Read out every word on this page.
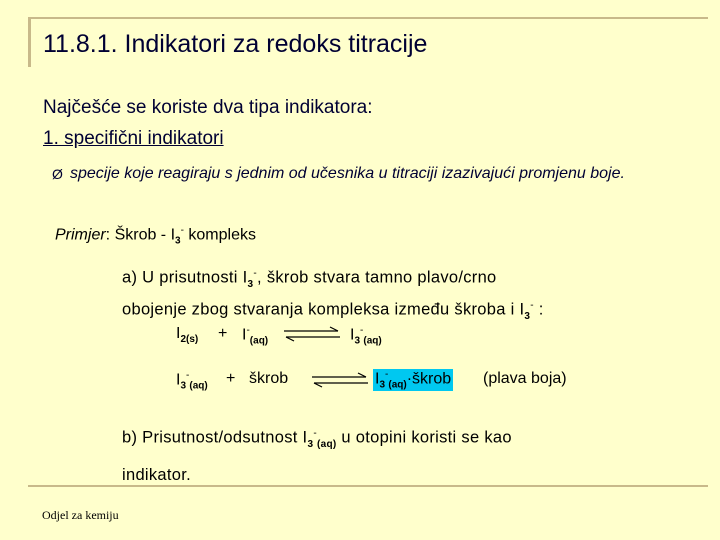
11.8.1. Indikatori za redoks titracije
Najčešće se koriste dva tipa indikatora:
1. specifični indikatori
Ø specije koje reagiraju s jednim od učesnika u titraciji izazivajući promjenu boje.
Primjer: Škrob - $I_3^-$ kompleks
a) U prisutnosti $I_3^-$, škrob stvara tamno plavo/crno
obojenje zbog stvaranja kompleksa između škroba i $I_3^-$ :
$I_{2(s)} + I^-_{(aq)}$ ⇌ $I_3^-_{(aq)}$
$I_3^-_{(aq)}$ + škrob ⇌ $I_3^-_{(aq)}\cdot škrob$ (plava boja)
b) Prisutnost/odsutnost $I_3^-_{(aq)}$ u otopini koristi se kao
indikator.
Odjel za kemiju
